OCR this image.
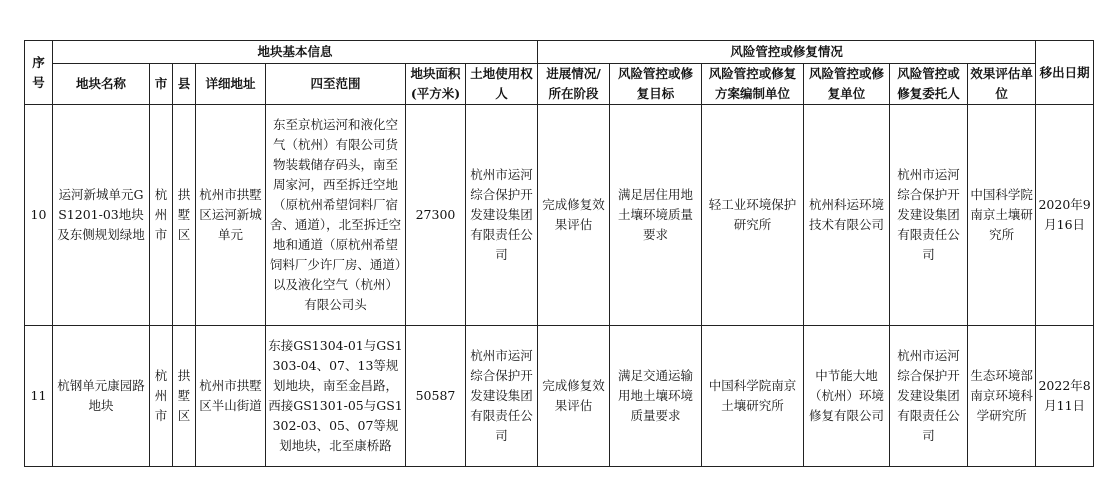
序号	地块基本信息							风险管控或修复情况						移出日期
	地块名称	市	县	详细地址	四至范围	地块面积(平方米)	土地使用权人	进展情况/所在阶段	风险管控或修复目标	风险管控或修复方案编制单位	风险管控或修复单位	风险管控或修复委托人	效果评估单位	
10	运河新城单元GS1201-03地块及东侧规划绿地	杭州市	拱墅区	杭州市拱墅区运河新城单元	东至京杭运河和液化空气（杭州）有限公司货物装载储存码头，南至周家河，西至拆迁空地（原杭州希望饲料厂宿舍、通道），北至拆迁空地和通道（原杭州希望饲料厂少许厂房、通道）以及液化空气（杭州）有限公司头	27300	杭州市运河综合保护开发建设集团有限责任公司	完成修复效果评估	满足居住用地土壤环境质量要求	轻工业环境保护研究所	杭州科运环境技术有限公司	杭州市运河综合保护开发建设集团有限责任公司	中国科学院南京土壤研究所	2020年9月16日
11	杭钢单元康园路地块	杭州市	拱墅区	杭州市拱墅区半山街道	东接GS1304-01与GS1303-04、07、13等规划地块，南至金昌路，西接GS1301-05与GS1302-03、05、07等规划地块，北至康桥路	50587	杭州市运河综合保护开发建设集团有限责任公司	完成修复效果评估	满足交通运输用地土壤环境质量要求	中国科学院南京土壤研究所	中节能大地（杭州）环境修复有限公司	杭州市运河综合保护开发建设集团有限责任公司	生态环境部南京环境科学研究所	2022年8月11日
